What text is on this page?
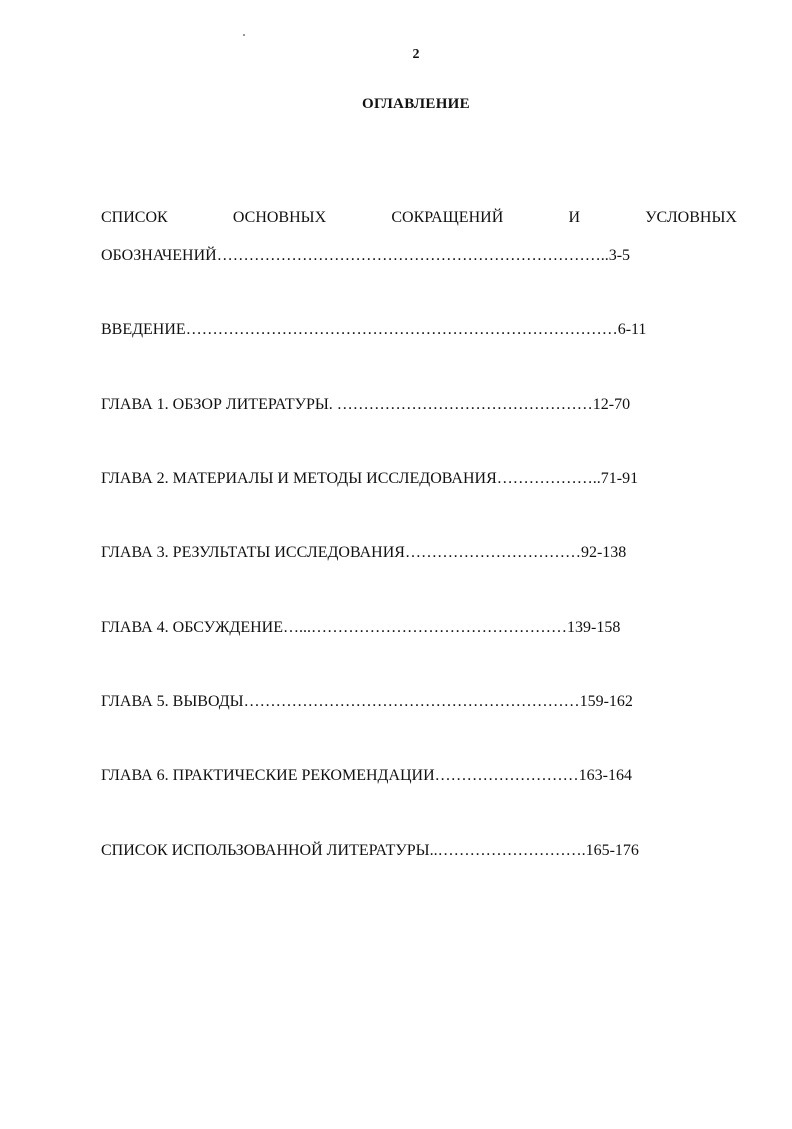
2
ОГЛАВЛЕНИЕ
СПИСОК	ОСНОВНЫХ	СОКРАЩЕНИЙ	И	УСЛОВНЫХ
ОБОЗНАЧЕНИЙ………………………………………………………………..3-5
ВВЕДЕНИЕ………………………………………………………………………6-11
ГЛАВА 1. ОБЗОР ЛИТЕРАТУРЫ. …………………………………………12-70
ГЛАВА 2. МАТЕРИАЛЫ И МЕТОДЫ ИССЛЕДОВАНИЯ………………..71-91
ГЛАВА 3. РЕЗУЛЬТАТЫ ИССЛЕДОВАНИЯ……………………………92-138
ГЛАВА 4. ОБСУЖДЕНИЕ…...…………………………………………139-158
ГЛАВА 5. ВЫВОДЫ………………………………………………………159-162
ГЛАВА 6. ПРАКТИЧЕСКИЕ РЕКОМЕНДАЦИИ………………………163-164
СПИСОК ИСПОЛЬЗОВАННОЙ ЛИТЕРАТУРЫ..……………………….165-176
